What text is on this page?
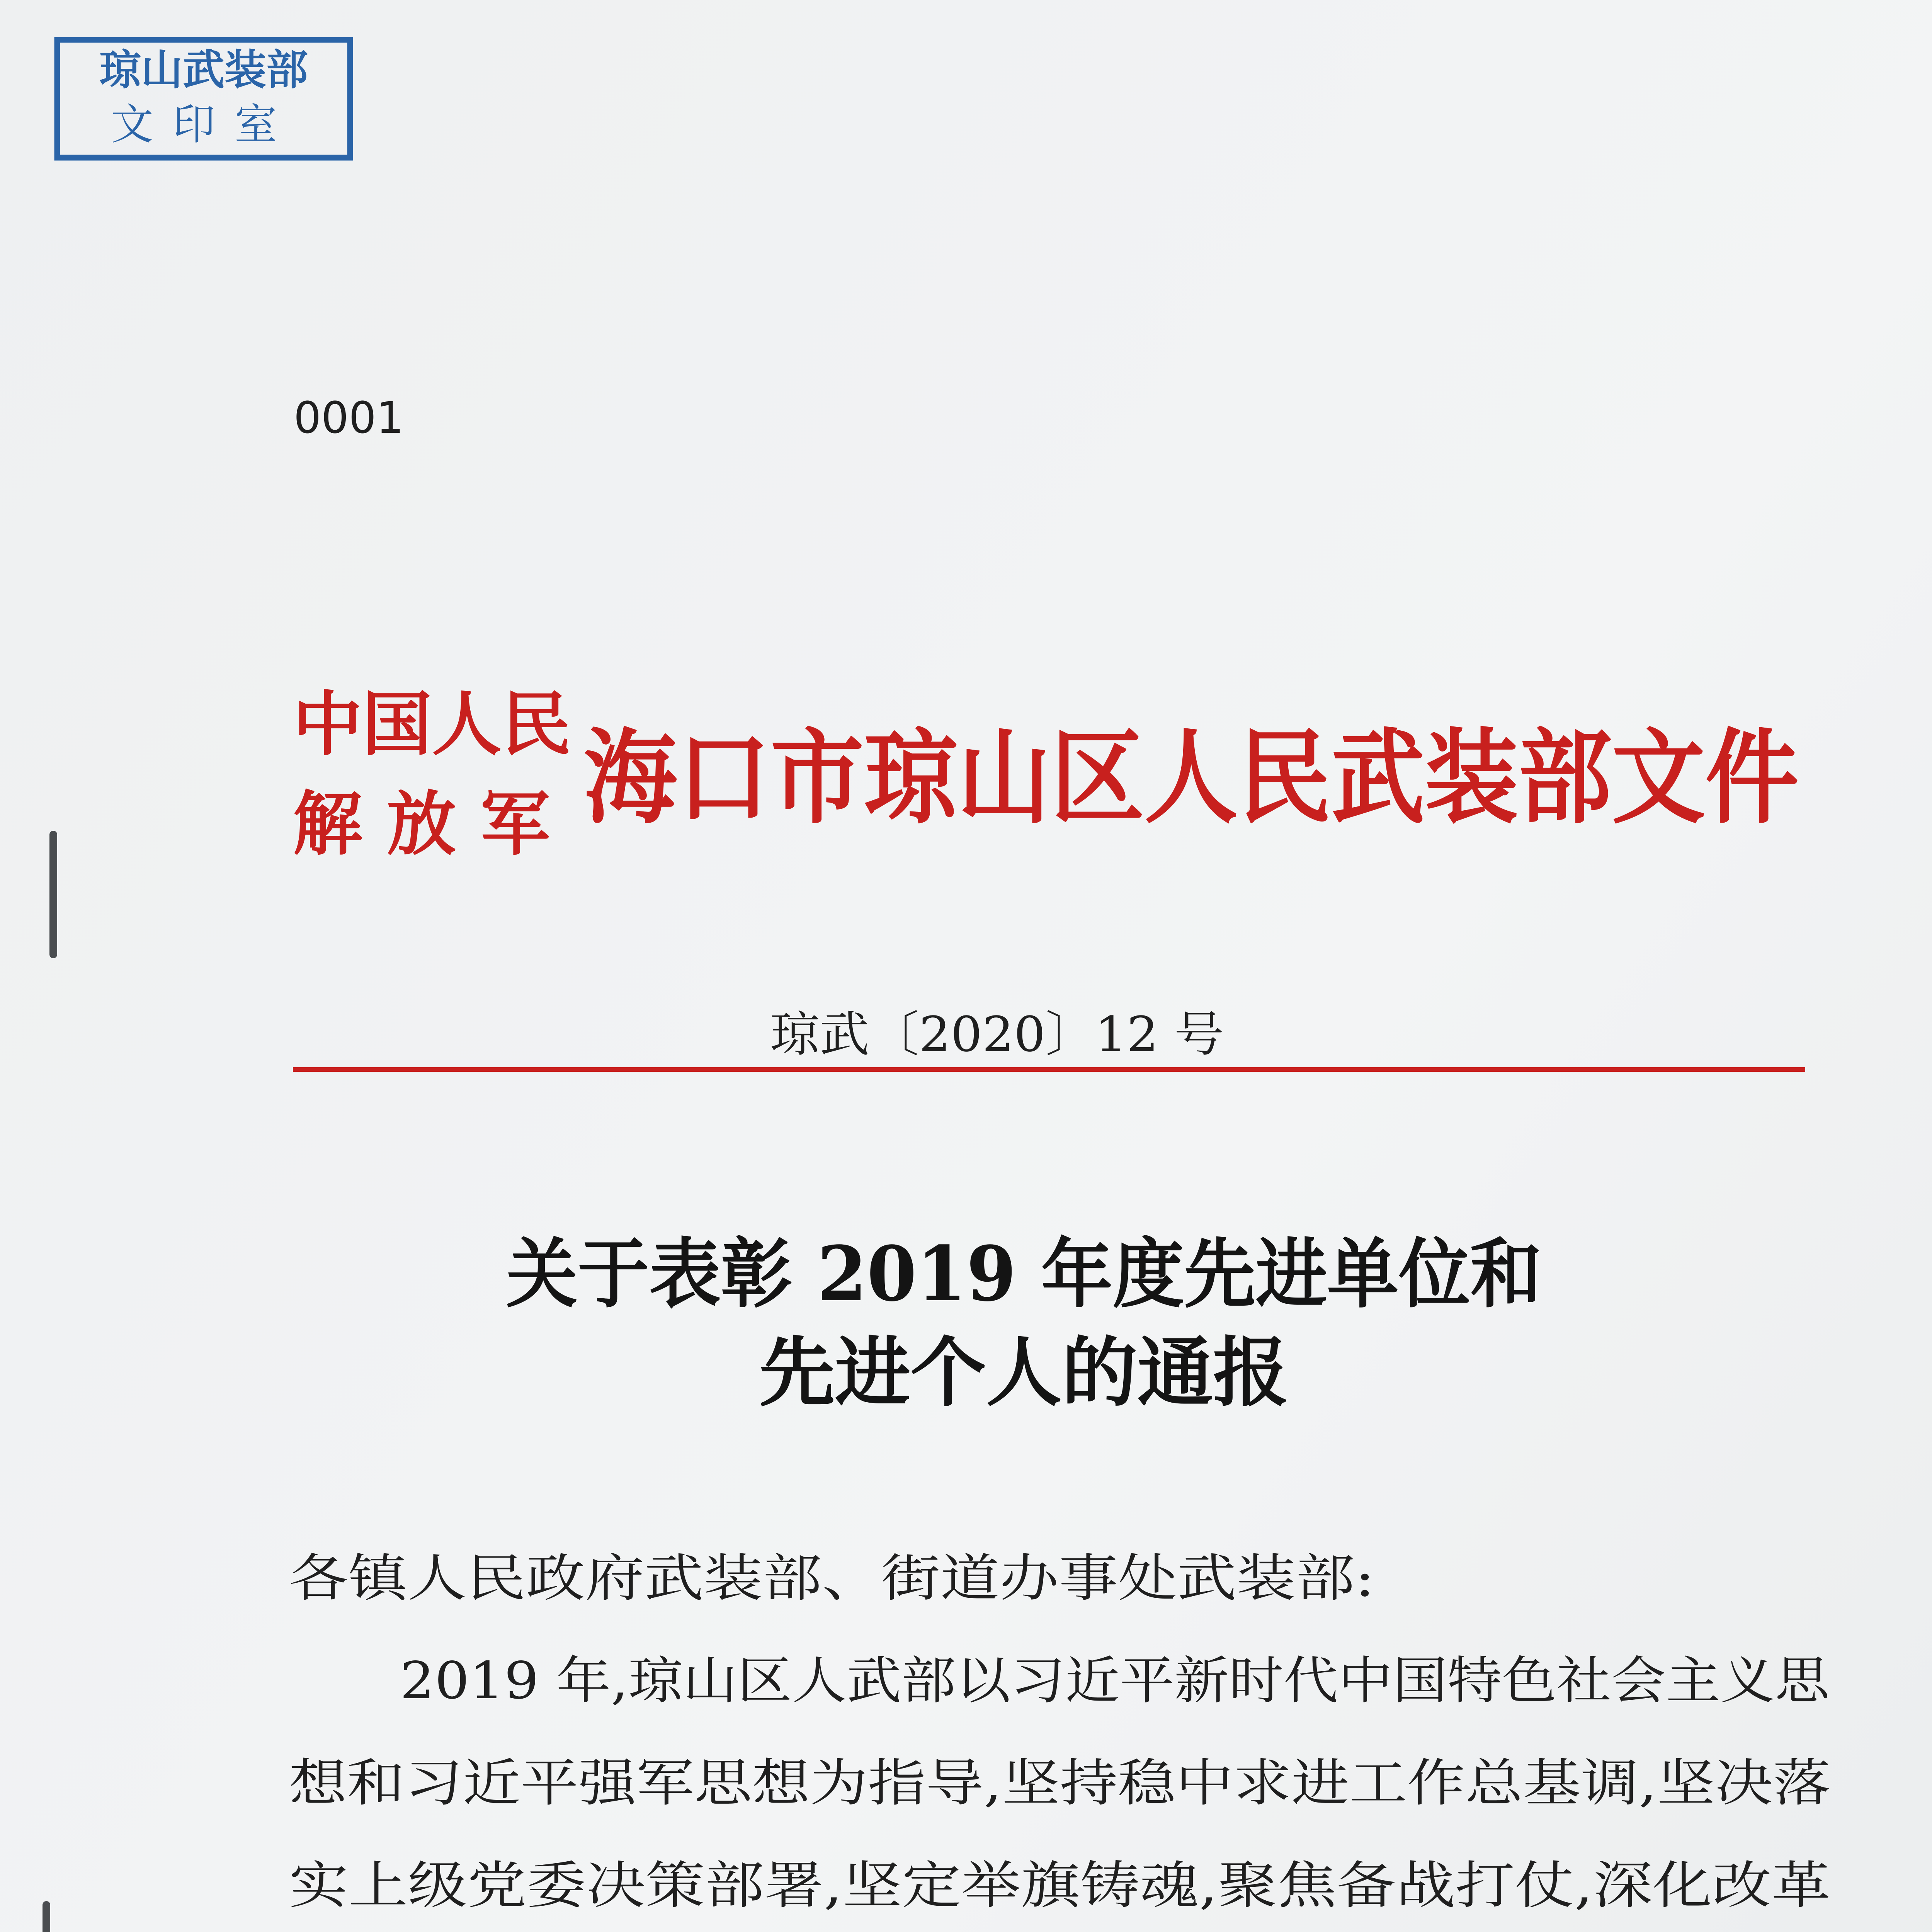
琼山武装部
文印室
0001
中国人民
解 放 军 海口市琼山区人民武装部文件
琼武〔2020〕12 号
关于表彰 2019 年度先进单位和
先进个人的通报
各镇人民政府武装部、街道办事处武装部:
2019 年,琼山区人武部以习近平新时代中国特色社会主义思
想和习近平强军思想为指导,坚持稳中求进工作总基调,坚决落
实上级党委决策部署,坚定举旗铸魂,聚焦备战打仗,深化改革
